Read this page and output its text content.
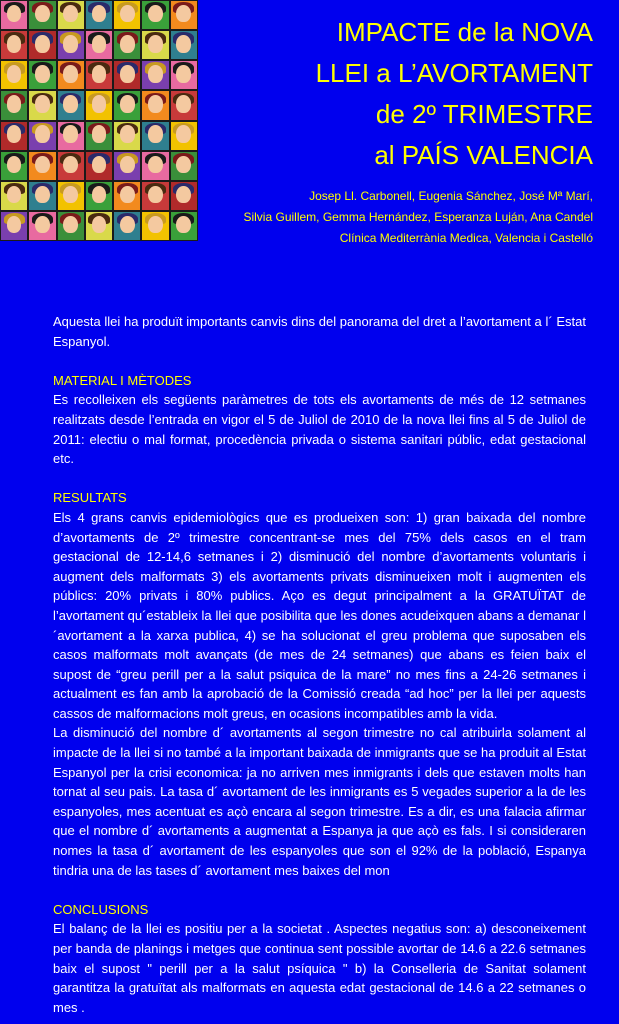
IMPACTE de la NOVA
LLEI a L’AVORTAMENT
de 2º TRIMESTRE
al PAÍS VALENCIA
Josep Ll. Carbonell, Eugenia Sánchez, José Mª Marí,
Silvia Guillem, Gemma Hernández, Esperanza Luján, Ana Candel
Clínica Mediterrània Medica, Valencia i Castelló

Aquesta llei ha produït importants canvis dins del panorama del dret a l’avortament a l´ Estat Espanyol.

MATERIAL I MÈTODES

Es recolleixen els següents paràmetres de tots els avortaments de més de 12 setmanes realitzats desde l’entrada en vigor el 5 de Juliol de 2010 de la nova llei fins al 5 de Juliol de 2011: electiu o mal format, procedència privada o sistema sanitari públic, edat gestacional etc.

RESULTATS

Els 4 grans canvis epidemiològics que es produeixen son: 1) gran baixada del nombre d’avortaments de 2º trimestre concentrant-se mes del 75% dels casos en el tram gestacional de 12-14,6 setmanes i 2) disminució del nombre d’avortaments voluntaris i augment dels malformats 3) els avortaments privats disminueixen molt i augmenten els públics: 20% privats i 80% publics. Aço es degut principalment a la GRATUÏTAT de l’avortament qu´estableix la llei que posibilita que les dones acudeixquen abans a demanar l´avortament a la xarxa publica, 4) se ha solucionat el greu problema que suposaben els casos malformats molt avançats (de mes de 24 setmanes) que abans es feien baix el supost de “greu perill per a la salut psiquica de la mare” no mes fins a 24-26 setmanes i actualment es fan amb la aprobació de la Comissió creada “ad hoc” per la llei per aquests cassos de malformacions molt greus, en ocasions incompatibles amb la vida.

La disminució del nombre d´ avortaments al segon trimestre no cal atribuirla solament al impacte de la llei si no també a la important baixada de inmigrants que se ha produit al Estat Espanyol per la crisi economica: ja no arriven mes inmigrants i dels que estaven molts han tornat al seu pais. La tasa d´ avortament de les inmigrants es 5 vegades superior a la de les espanyoles, mes acentuat es açò encara al segon trimestre. Es a dir, es una falacia afirmar que el nombre d´ avortaments a augmentat a Espanya ja que açò es fals. I si consideraren nomes la tasa d´ avortament de les espanyoles que son el 92% de la població, Espanya tindria una de las tases d´ avortament mes baixes del mon

CONCLUSIONS

El balanç de la llei es positiu per a la societat . Aspectes negatius son: a) desconeixement per banda de planings i metges que continua sent possible avortar de 14.6 a 22.6 setmanes baix el supost " perill per a la salut psíquica " b) la Conselleria de Sanitat solament garantitza la gratuïtat als malformats en aquesta edat gestacional de 14.6 a 22 setmanes o mes .
